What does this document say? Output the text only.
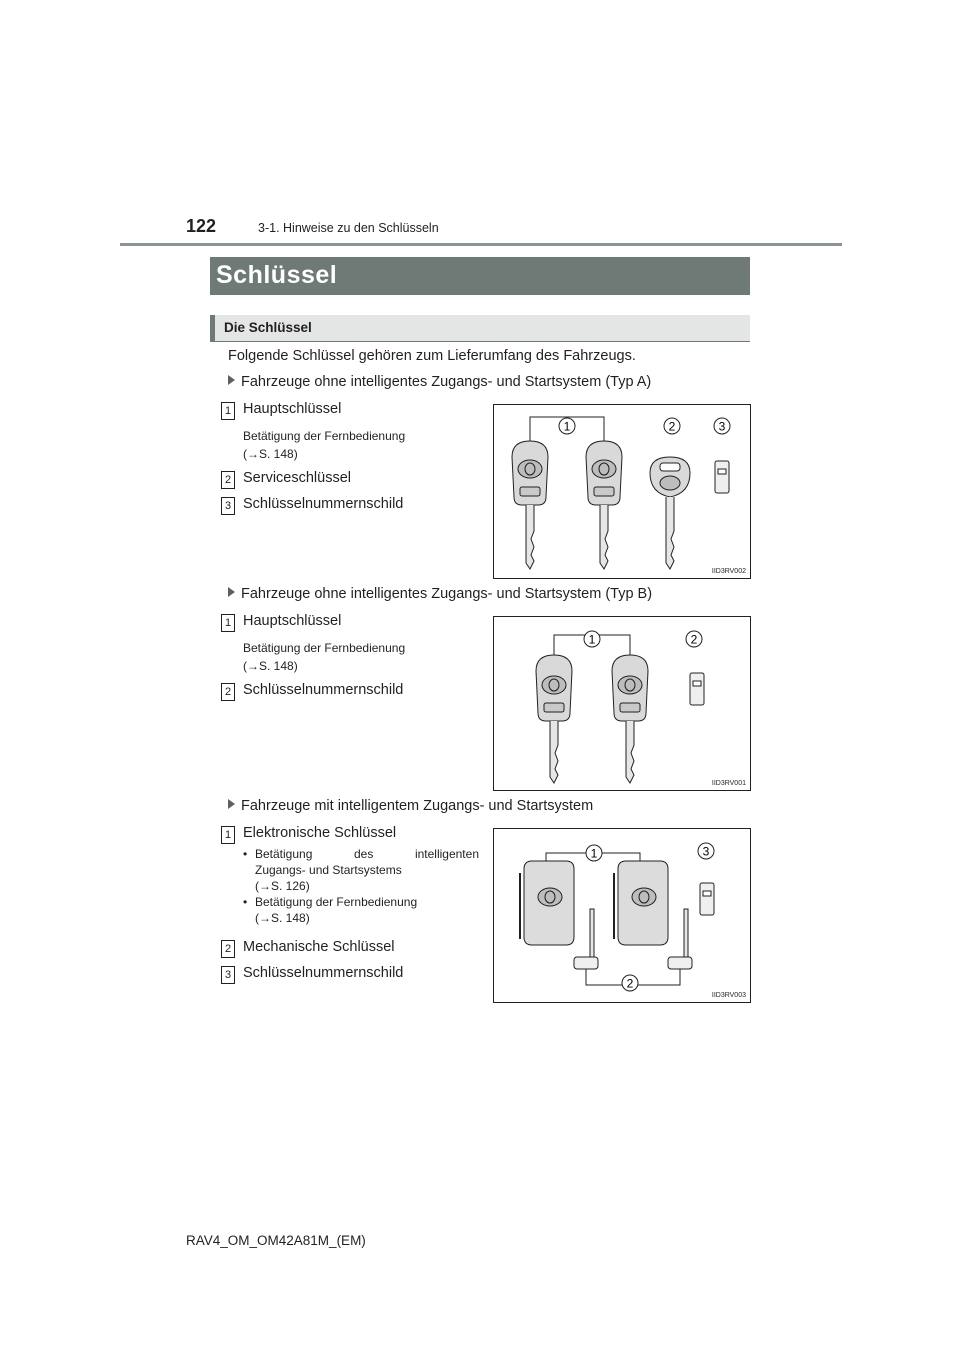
122	3-1. Hinweise zu den Schlüsseln
Schlüssel
Die Schlüssel
Folgende Schlüssel gehören zum Lieferumfang des Fahrzeugs.
Fahrzeuge ohne intelligentes Zugangs- und Startsystem (Typ A)
1 Hauptschlüssel
Betätigung der Fernbedienung
(→S. 148)
2 Serviceschlüssel
3 Schlüsselnummernschild
1	2	3
IID3RV002
Fahrzeuge ohne intelligentes Zugangs- und Startsystem (Typ B)
1 Hauptschlüssel
Betätigung der Fernbedienung
(→S. 148)
2 Schlüsselnummernschild
1	2
IID3RV001
Fahrzeuge mit intelligentem Zugangs- und Startsystem
1 Elektronische Schlüssel
• Betätigung des intelligenten
Zugangs- und Startsystems
(→S. 126)
• Betätigung der Fernbedienung
(→S. 148)
2 Mechanische Schlüssel
3 Schlüsselnummernschild
1	3
2
IID3RV003
RAV4_OM_OM42A81M_(EM)
